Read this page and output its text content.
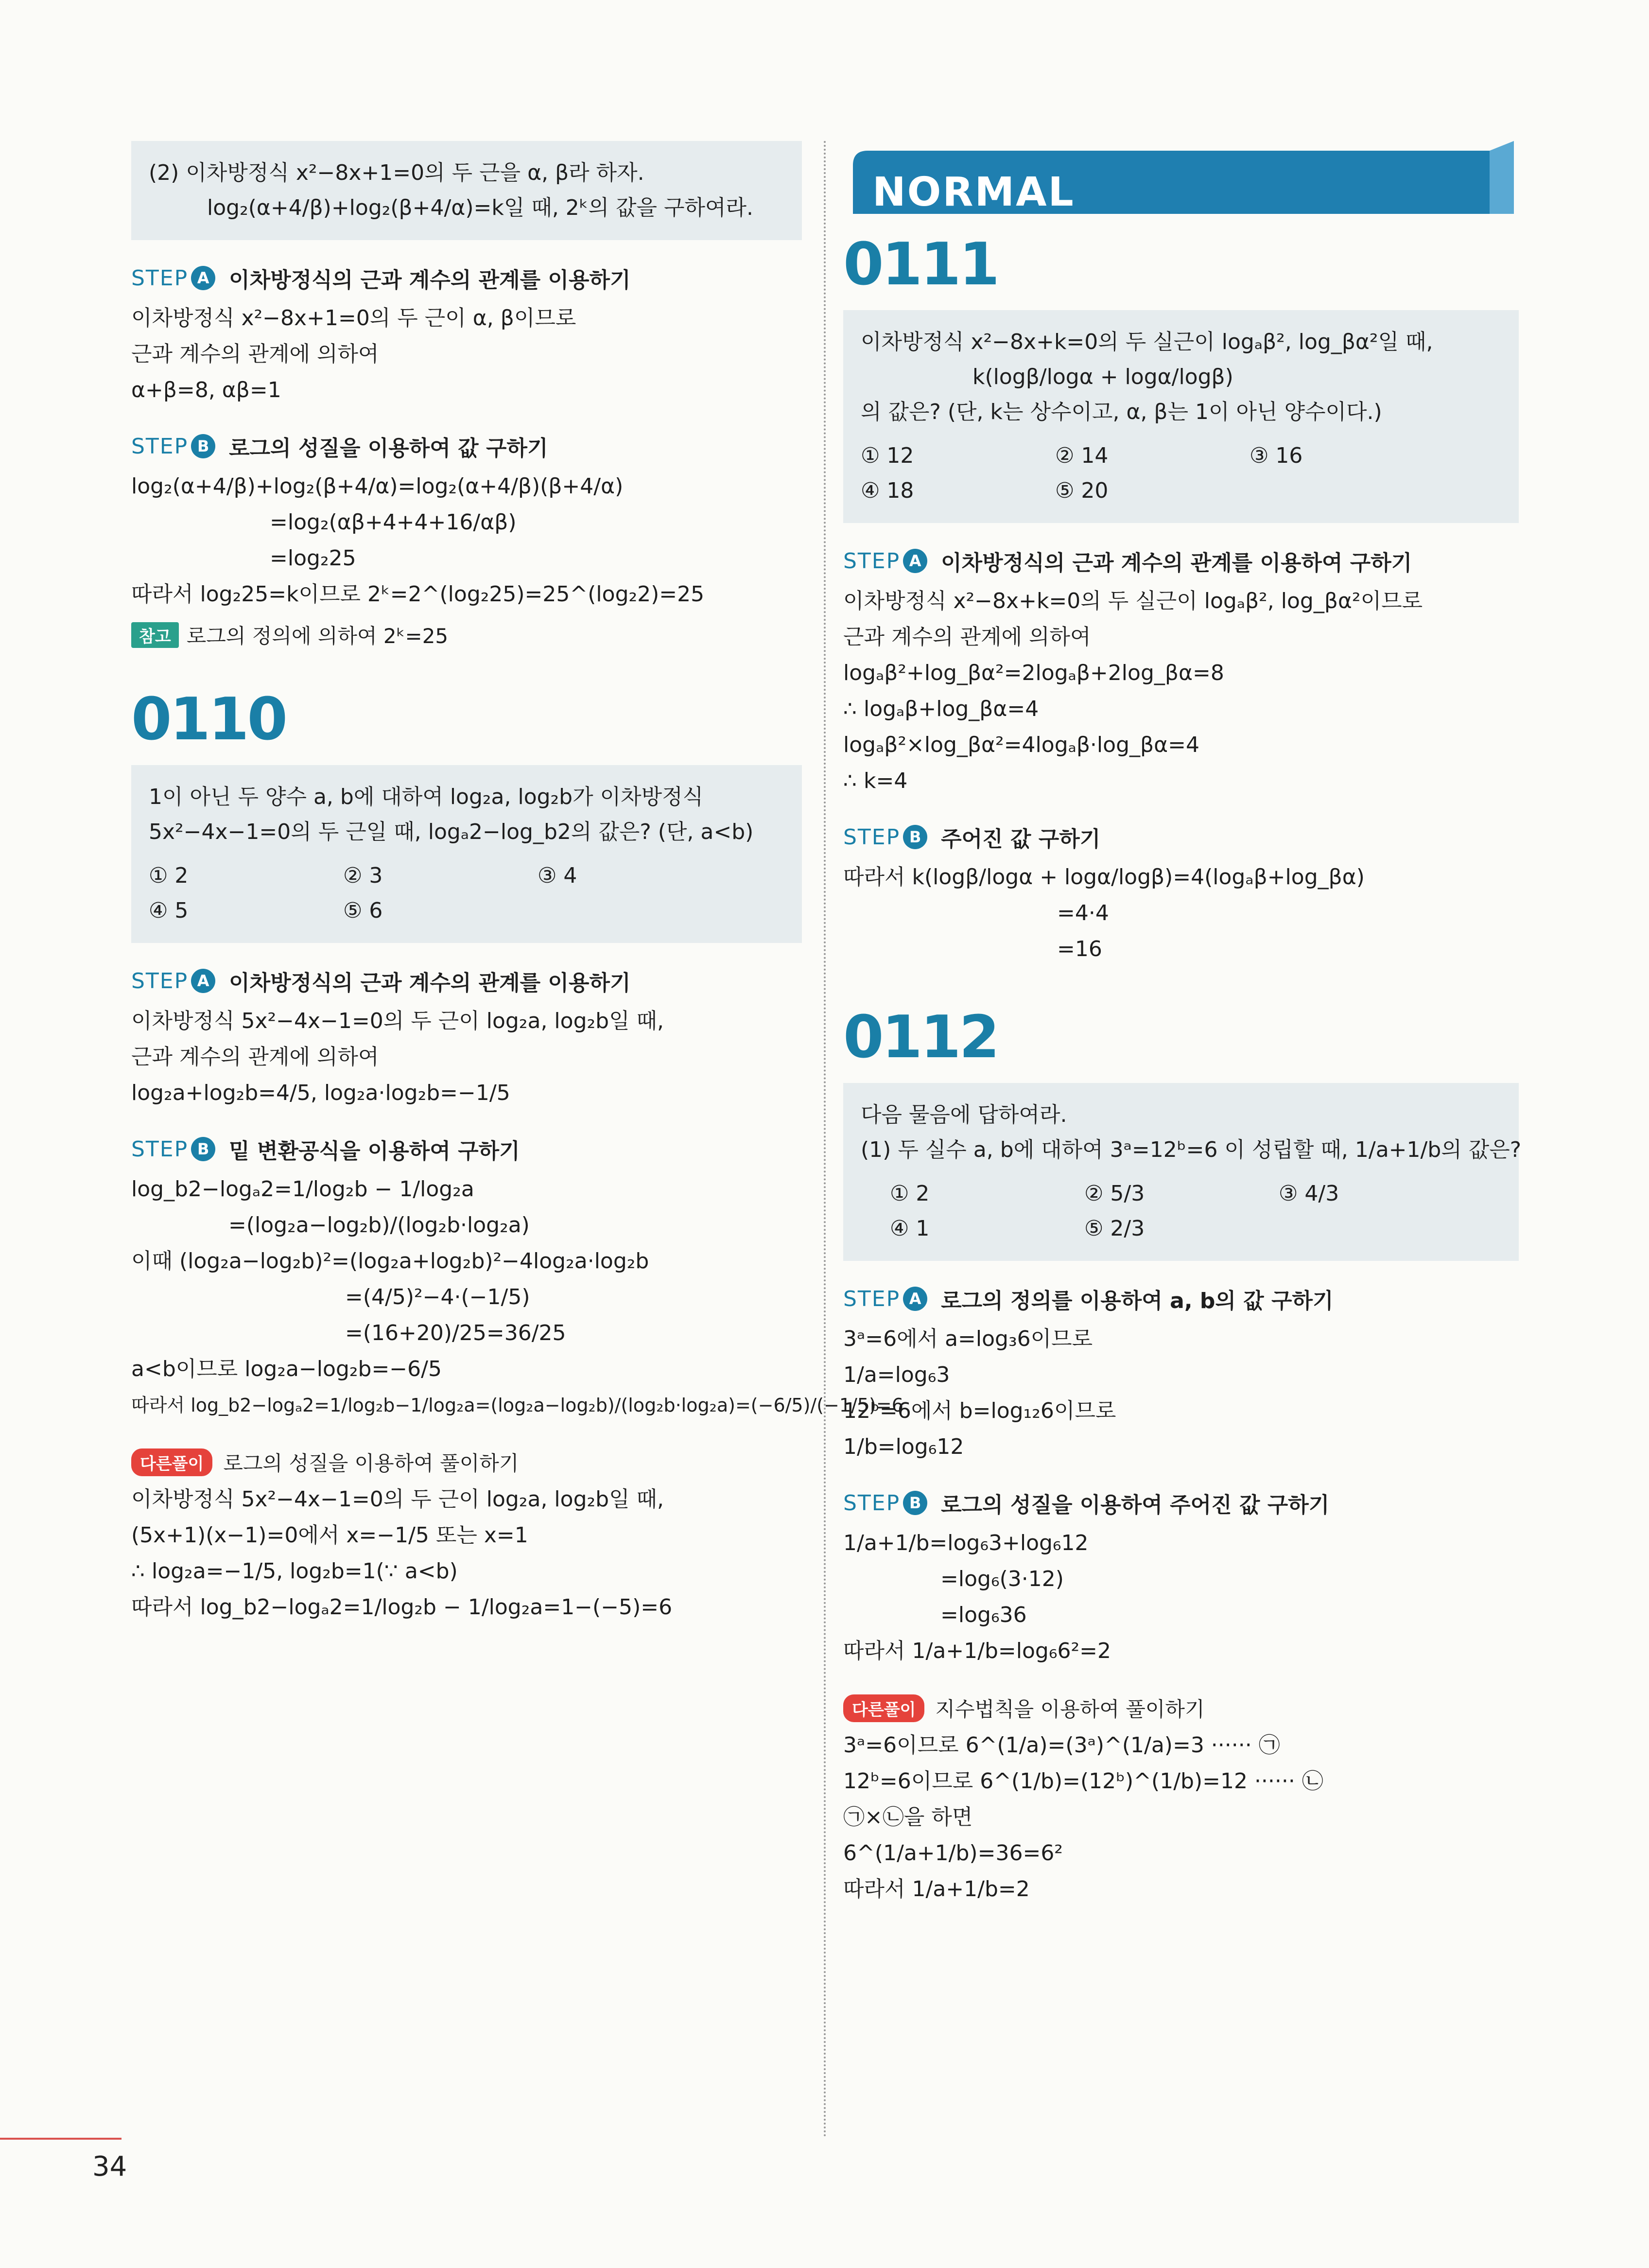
(2) 이차방정식 x²−8x+1=0의 두 근을 α, β라 하자.
log₂(α+4/β)+log₂(β+4/α)=k일 때, 2ᵏ의 값을 구하여라.
STEP A 이차방정식의 근과 계수의 관계를 이용하기
이차방정식 x²−8x+1=0의 두 근이 α, β이므로
근과 계수의 관계에 의하여
α+β=8, αβ=1
STEP B 로그의 성질을 이용하여 값 구하기
log₂(α+4/β)+log₂(β+4/α)=log₂(α+4/β)(β+4/α)
=log₂(αβ+4+4+16/αβ)
=log₂25
따라서 log₂25=k이므로 2ᵏ=2^(log₂25)=25^(log₂2)=25
참고 로그의 정의에 의하여 2ᵏ=25
0110
1이 아닌 두 양수 a, b에 대하여 log₂a, log₂b가 이차방정식
5x²−4x−1=0의 두 근일 때, logₐ2−log_b2의 값은? (단, a<b)
① 2	② 3	③ 4
④ 5	⑤ 6
STEP A 이차방정식의 근과 계수의 관계를 이용하기
이차방정식 5x²−4x−1=0의 두 근이 log₂a, log₂b일 때,
근과 계수의 관계에 의하여
log₂a+log₂b=4/5, log₂a·log₂b=−1/5
STEP B 밑 변환공식을 이용하여 구하기
log_b2−logₐ2=1/log₂b − 1/log₂a
=(log₂a−log₂b)/(log₂b·log₂a)
이때 (log₂a−log₂b)²=(log₂a+log₂b)²−4log₂a·log₂b
=(4/5)²−4·(−1/5)
=(16+20)/25=36/25
a<b이므로 log₂a−log₂b=−6/5
따라서 log_b2−logₐ2=1/log₂b−1/log₂a=(log₂a−log₂b)/(log₂b·log₂a)=(−6/5)/(−1/5)=6
다른풀이 로그의 성질을 이용하여 풀이하기
이차방정식 5x²−4x−1=0의 두 근이 log₂a, log₂b일 때,
(5x+1)(x−1)=0에서 x=−1/5 또는 x=1
∴ log₂a=−1/5, log₂b=1(∵ a<b)
따라서 log_b2−logₐ2=1/log₂b − 1/log₂a=1−(−5)=6
NORMAL
0111
이차방정식 x²−8x+k=0의 두 실근이 logₐβ², log_βα²일 때,
k(logβ/logα + logα/logβ)
의 값은? (단, k는 상수이고, α, β는 1이 아닌 양수이다.)
① 12	② 14	③ 16
④ 18	⑤ 20
STEP A 이차방정식의 근과 계수의 관계를 이용하여 구하기
이차방정식 x²−8x+k=0의 두 실근이 logₐβ², log_βα²이므로
근과 계수의 관계에 의하여
logₐβ²+log_βα²=2logₐβ+2log_βα=8
∴ logₐβ+log_βα=4
logₐβ²×log_βα²=4logₐβ·log_βα=4
∴ k=4
STEP B 주어진 값 구하기
따라서 k(logβ/logα + logα/logβ)=4(logₐβ+log_βα)
=4·4
=16
0112
다음 물음에 답하여라.
(1) 두 실수 a, b에 대하여 3ᵃ=12ᵇ=6 이 성립할 때, 1/a+1/b의 값은?
① 2	② 5/3	③ 4/3
④ 1	⑤ 2/3
STEP A 로그의 정의를 이용하여 a, b의 값 구하기
3ᵃ=6에서 a=log₃6이므로
1/a=log₆3
12ᵇ=6에서 b=log₁₂6이므로
1/b=log₆12
STEP B 로그의 성질을 이용하여 주어진 값 구하기
1/a+1/b=log₆3+log₆12
=log₆(3·12)
=log₆36
따라서 1/a+1/b=log₆6²=2
다른풀이 지수법칙을 이용하여 풀이하기
3ᵃ=6이므로 6^(1/a)=(3ᵃ)^(1/a)=3 ······ ㉠
12ᵇ=6이므로 6^(1/b)=(12ᵇ)^(1/b)=12 ······ ㉡
㉠×㉡을 하면
6^(1/a+1/b)=36=6²
따라서 1/a+1/b=2
34
